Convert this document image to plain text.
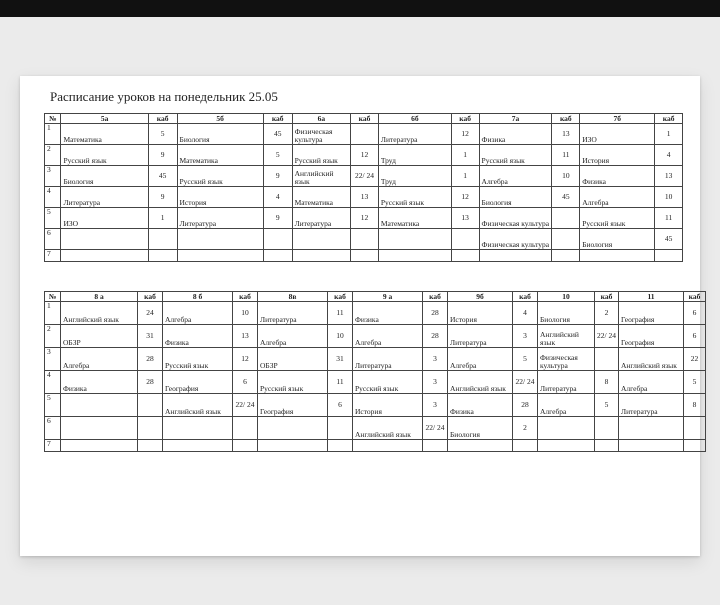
Расписание уроков на понедельник 25.05
№	5а	каб	5б	каб	6а	каб	6б	каб	7а	каб	7б	каб
1	Математика	5	Биология	45	Физическая культура		Литература	12	Физика	13	ИЗО	1
2	Русский язык	9	Математика	5	Русский язык	12	Труд	1	Русский язык	11	История	4
3	Биология	45	Русский язык	9	Английский язык	22/ 24	Труд	1	Алгебра	10	Физика	13
4	Литература	9	История	4	Математика	13	Русский язык	12	Биология	45	Алгебра	10
5	ИЗО	1	Литература	9	Литература	12	Математика	13	Физическая культура		Русский язык	11
6									Физическая культура		Биология	45
7												
№	8 а	каб	8 б	каб	8в	каб	9 а	каб	9б	каб	10	каб	11	каб
1	Английский язык	24	Алгебра	10	Литература	11	Физика	28	История	4	Биология	2	География	6
2	ОБЗР	31	Физика	13	Алгебра	10	Алгебра	28	Литература	3	Английский язык	22/ 24	География	6
3	Алгебра	28	Русский язык	12	ОБЗР	31	Литература	3	Алгебра	5	Физическая культура		Английский язык	22
4	Физика	28	География	6	Русский язык	11	Русский язык	3	Английский язык	22/ 24	Литература	8	Алгебра	5
5			Английский язык	22/ 24	География	6	История	3	Физика	28	Алгебра	5	Литература	8
6							Английский язык	22/ 24	Биология	2				
7														
